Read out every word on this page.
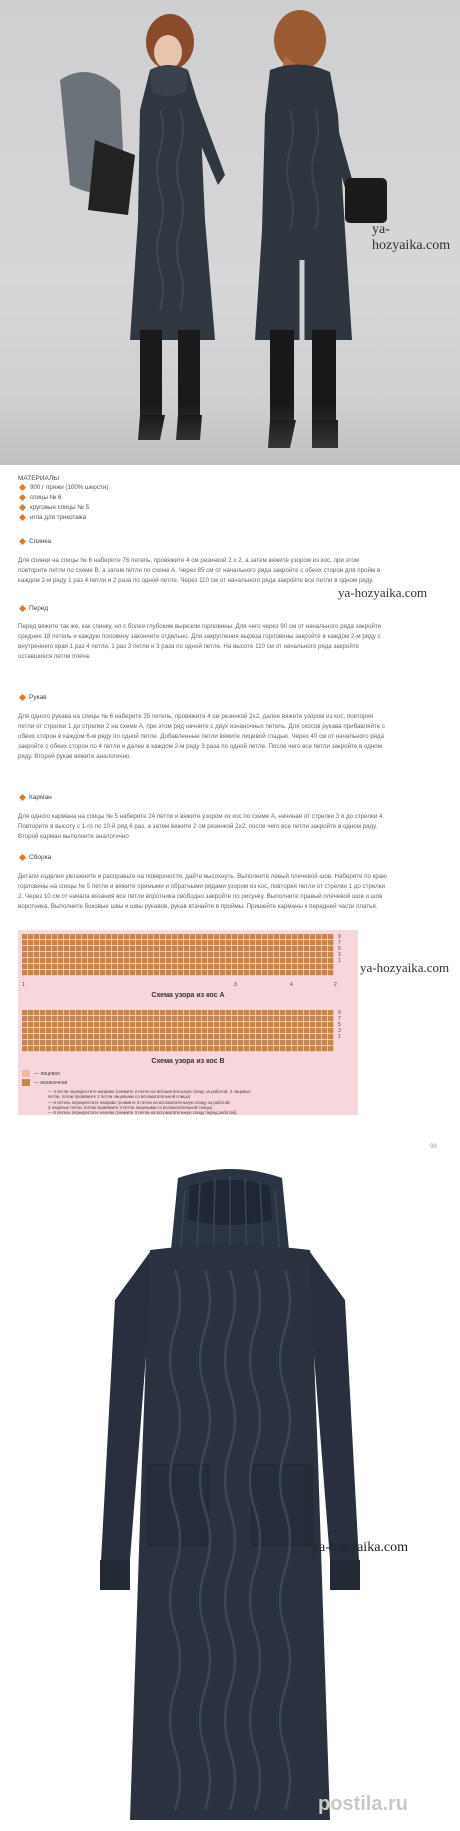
ya-hozyaika.com
МАТЕРИАЛЫ
900 г пряжи (100% шерсти)
спицы № 6
круговые спицы № 5
игла для трикотажа
Спинка
Для спинки на спицы № 6 наберите 76 петель, провяжите 4 см резинкой 2 х 2, а затем вяжите узором из кос, при этом
повторите петли по схеме В, а затем петли по схеме А. Через 85 см от начального ряда закройте с обеих сторон для пройм в
каждом 2-м ряду 1 раз 4 петли и 2 раза по одной петле. Через 110 см от начального ряда закройте все петли в одном ряду.
ya-hozyaika.com
Перед
Перед вяжите так же, как спинку, но с более глубоким вырезом горловины. Для чего через 90 см от начального ряда закройте
средние 18 петель и каждую половину закончите отдельно. Для закругления выреза горловины закройте в каждом 2-м ряду с
внутреннего края 1 раз 4 петли, 1 раз 3 петли и 3 раза по одной петле. На высоте 110 см от начального ряда закройте
оставшиеся петли плеча.
Рукав
Для одного рукава на спицы № 6 наберите 35 петель, провяжите 4 см резинкой 2х2, далее вяжите узором из кос, повторяя
петли от стрелки 1 до стрелки 2 на схеме А, при этом ряд начните с двух изнаночных петель. Для скосов рукава прибавляйте с
обеих сторон в каждом 6-м ряду по одной петле. Добавленные петли вяжите лицевой гладью. Через 40 см от начального ряда
закройте с обеих сторон по 4 петли и далее в каждом 2-м ряду 3 раза по одной петле. После чего все петли закройте в одном
ряду. Второй рукав вяжите аналогично.
Карман
Для одного кармана на спицы № 5 наберите 24 петли и вяжите узором из кос по схеме А, начиная от стрелки 3 и до стрелки 4.
Повторите в высоту с 1-го по 10-й ряд 6 раз, а затем вяжите 2 см резинкой 2х2, после чего все петли закройте в одном ряду.
Второй карман выполните аналогично
Сборка
Детали изделия увлажните и расправьте на поверхности, дайте высохнуть. Выполните левый плечевой шов. Наберите по краю
горловины на спицы № 5 петли и вяжите прямыми и обратными рядами узором из кос, повторяя петли от стрелки 1 до стрелки
2. Через 10 см от начала вязания все петли воротника свободно закройте по рисунку. Выполните правый плечевой шов и шов
воротника. Выполните боковые швы и швы рукавов, рукав втачайте в проймы. Пришейте карманы к передней части платья.
9
7
5
3
1
1	3	4	2
Схема узора из кос А
9
7
5
3
1
Схема узора из кос В
— лицевая
— изнаночная
— 4 петли перекрестите направо (снимите 2 петли на вспомогательную спицу за работой, 2 лицевые
петли, потом провяжите 2 петли лицевыми со вспомогательной спицы)
— 6 петель перекрестите направо (снимите 3 петли на вспомогательную спицу за работой,
3 лицевые петли, потом провяжите 3 петли лицевыми со вспомогательной спицы)
— 6 петель перекрестите налево (снимите 3 петли на вспомогательную спицу перед работой),
ya-hozyaika.com
99
ya-hozyaika.com
postila.ru
